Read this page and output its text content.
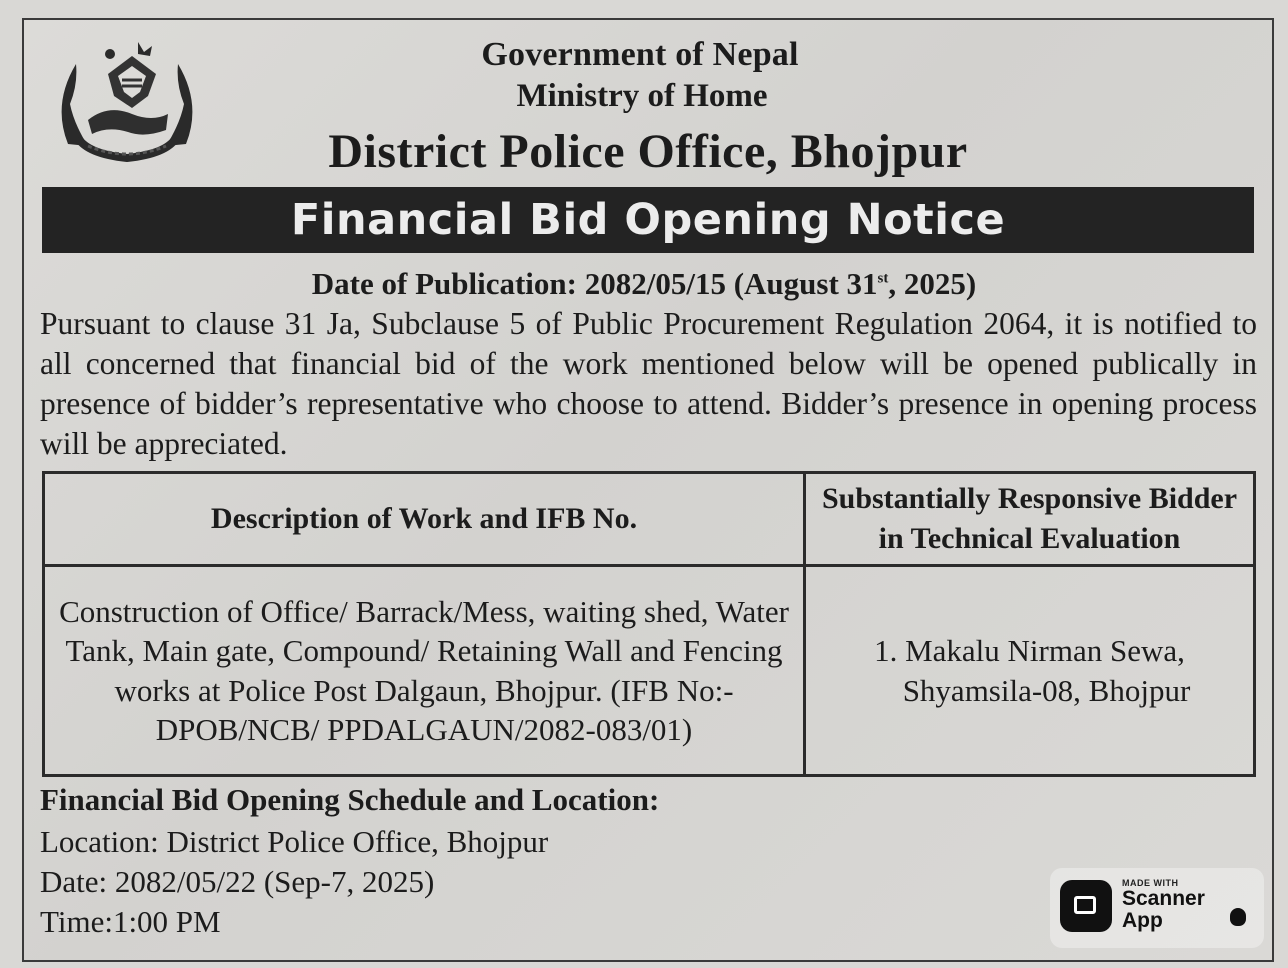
Government of Nepal
Ministry of Home
District Police Office, Bhojpur
Financial Bid Opening Notice
Date of Publication: 2082/05/15 (August 31st, 2025)
Pursuant to clause 31 Ja, Subclause 5 of Public Procurement Regulation 2064, it is notified to all concerned that financial bid of the work mentioned below will be opened publically in presence of bidder’s representative who choose to attend. Bidder’s presence in opening process will be appreciated.
Description of Work and IFB No.	Substantially Responsive Bidder in Technical Evaluation
Construction of Office/ Barrack/Mess, waiting shed, Water Tank, Main gate, Compound/ Retaining Wall and Fencing works at Police Post Dalgaun, Bhojpur. (IFB No:- DPOB/NCB/ PPDALGAUN/2082-083/01)	1. Makalu Nirman Sewa,
Shyamsila-08, Bhojpur
Financial Bid Opening Schedule and Location:
Location: District Police Office, Bhojpur
Date: 2082/05/22 (Sep-7, 2025)
Time:1:00 PM
MADE WITH
Scanner
App
